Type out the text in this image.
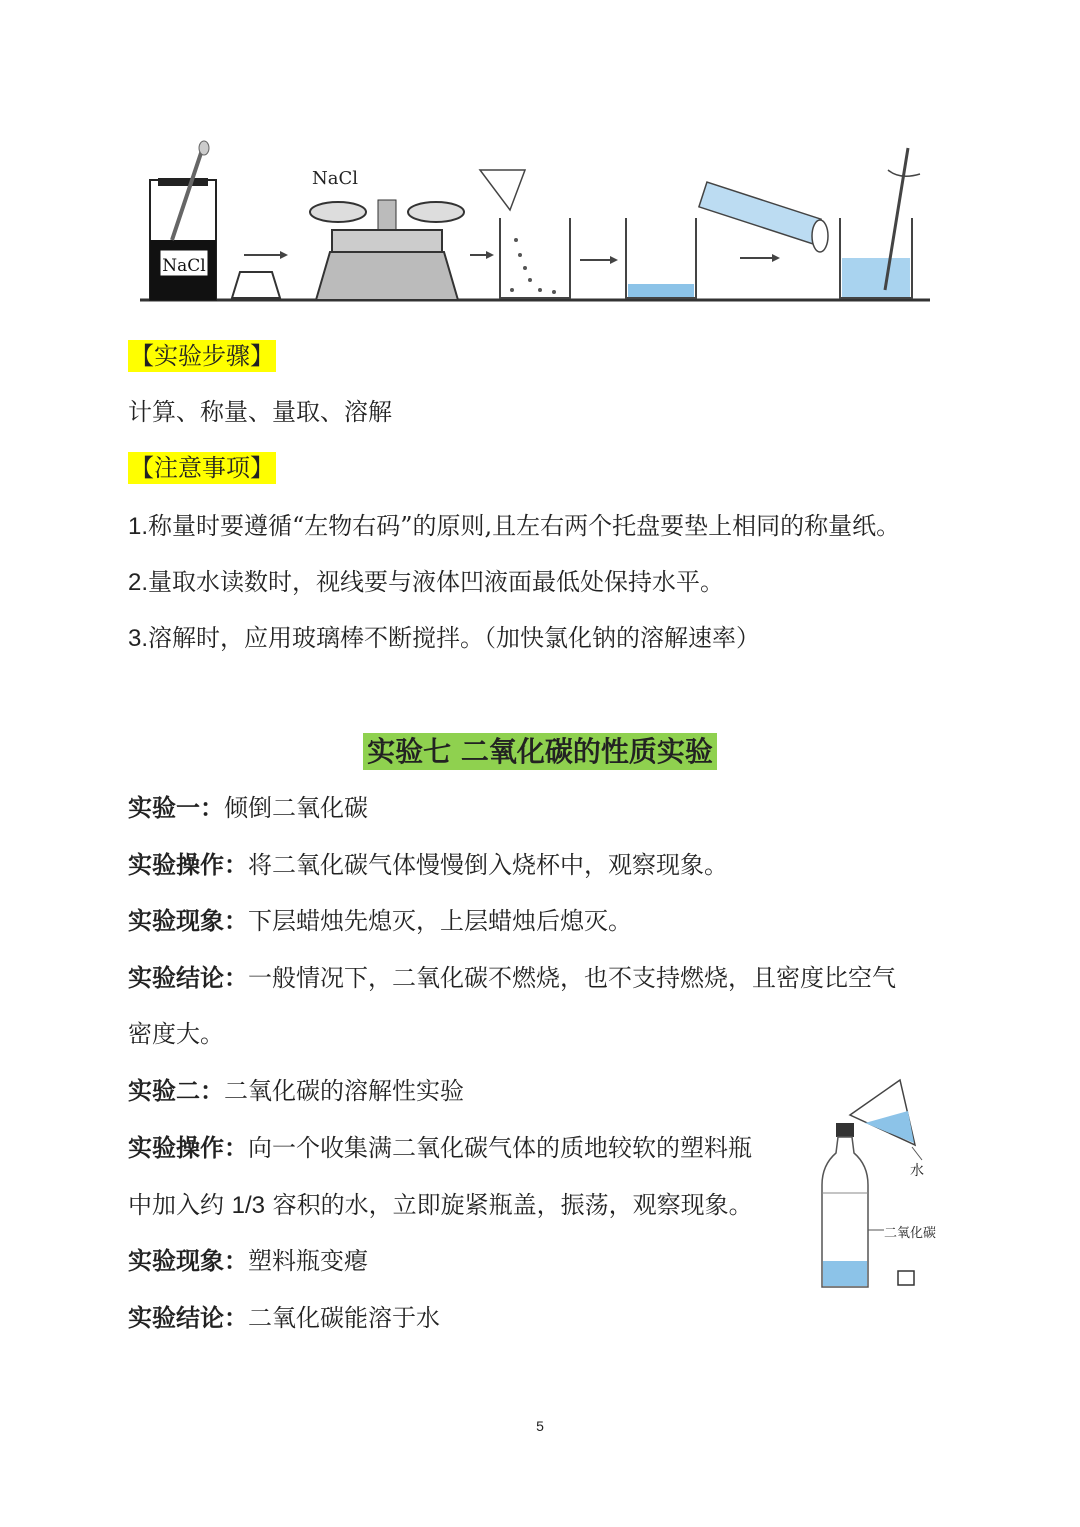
NaCl
NaCl
【实验步骤】
计算、称量、量取、溶解
【注意事项】
1.称量时要遵循“左物右码”的原则,且左右两个托盘要垫上相同的称量纸。
2.量取水读数时，视线要与液体凹液面最低处保持水平。
3.溶解时，应用玻璃棒不断搅拌。（加快氯化钠的溶解速率）
实验七 二氧化碳的性质实验
实验一：倾倒二氧化碳
实验操作：将二氧化碳气体慢慢倒入烧杯中，观察现象。
实验现象：下层蜡烛先熄灭，上层蜡烛后熄灭。
实验结论：一般情况下，二氧化碳不燃烧，也不支持燃烧，且密度比空气
密度大。
实验二：二氧化碳的溶解性实验
实验操作：向一个收集满二氧化碳气体的质地较软的塑料瓶
中加入约 1/3 容积的水，立即旋紧瓶盖，振荡，观察现象。
实验现象：塑料瓶变瘪
实验结论：二氧化碳能溶于水
水
二氧化碳
5
